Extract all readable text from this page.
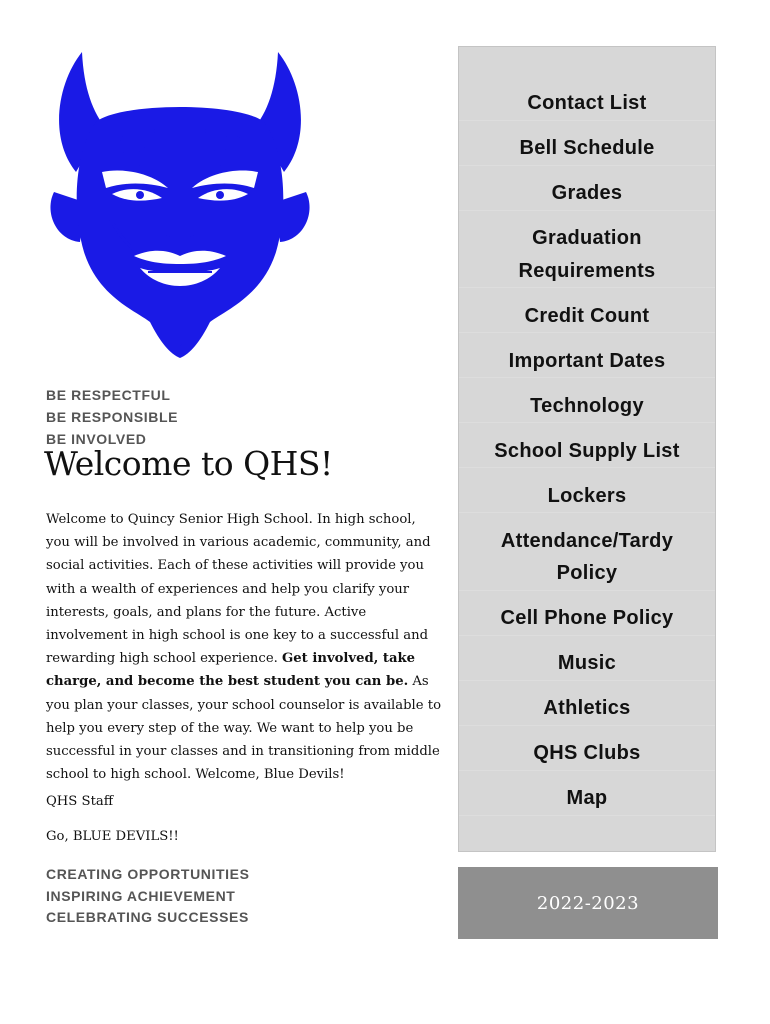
BE RESPECTFUL
BE RESPONSIBLE
BE INVOLVED
Welcome to QHS!
Welcome to Quincy Senior High School. In high school, you will be involved in various academic, community, and social activities. Each of these activities will provide you with a wealth of experiences and help you clarify your interests, goals, and plans for the future. Active involvement in high school is one key to a successful and rewarding high school experience. Get involved, take charge, and become the best student you can be. As you plan your classes, your school counselor is available to help you every step of the way. We want to help you be successful in your classes and in transitioning from middle school to high school. Welcome, Blue Devils!
QHS Staff
Go, BLUE DEVILS!!
CREATING OPPORTUNITIES
INSPIRING ACHIEVEMENT
CELEBRATING SUCCESSES
Contact List
Bell Schedule
Grades
Graduation Requirements
Credit Count
Important Dates
Technology
School Supply List
Lockers
Attendance/Tardy Policy
Cell Phone Policy
Music
Athletics
QHS Clubs
Map
2022-2023
